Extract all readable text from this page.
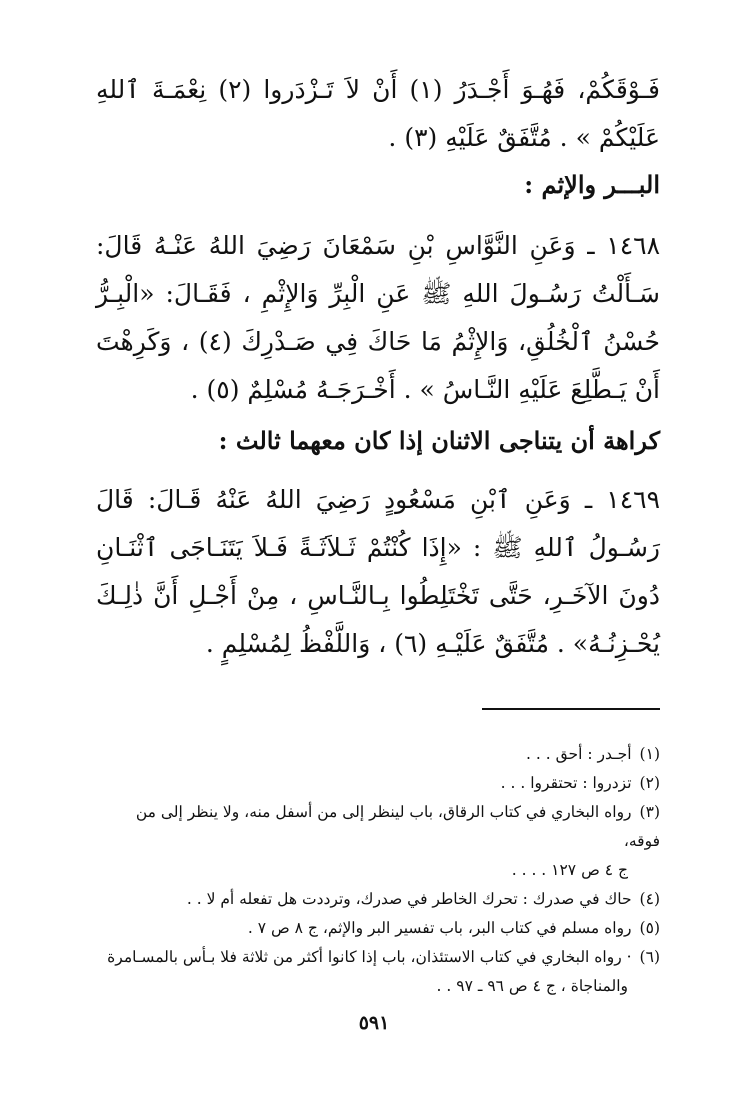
فَـوْقَكُمْ، فَهُـوَ أَجْـدَرُ (١) أَنْ لاَ تَـزْدَروا (٢) نِعْمَـةَ ٱللهِ عَلَيْكُمْ » . مُتَّفَقٌ عَلَيْهِ (٣) .

البـــر والإثم :

١٤٦٨ ـ وَعَنِ النَّوَّاسِ بْنِ سَمْعَانَ رَضِيَ اللهُ عَنْـهُ قَالَ: سَـأَلْتُ رَسُـولَ اللهِ ﷺ عَنِ الْبِرِّ وَالإِثْمِ ، فَقَـالَ: «الْبِـرُّ حُسْنُ ٱلْخُلُقِ، وَالإِثْمُ مَا حَاكَ فِي صَـدْرِكَ (٤) ، وَكَرِهْتَ أَنْ يَـطَّلِعَ عَلَيْهِ النَّـاسُ » . أَخْـرَجَـهُ مُسْلِمٌ (٥) .

كراهة أن يتناجى الاثنان إذا كان معهما ثالث :

١٤٦٩ ـ وَعَنِ ٱبْنِ مَسْعُودٍ رَضِيَ اللهُ عَنْهُ قَـالَ: قَالَ رَسُـولُ ٱللهِ ﷺ : «إِذَا كُنْتُمْ ثَـلاَثَـةً فَـلاَ يَتَنَـاجَى ٱثْنَـانِ دُونَ الآخَـرِ، حَتَّى تَخْتَلِطُوا بِـالنَّـاسِ ، مِنْ أَجْـلِ أَنَّ ذٰلِـكَ يُحْـزِنُـهُ» . مُتَّفَقٌ عَلَيْـهِ (٦) ، وَاللَّفْظُ لِمُسْلِمٍ .

(١)أجـدر : أحق . . .
(٢)تزدروا : تحتقروا . . .
(٣)رواه البخاري في كتاب الرقاق، باب لينظر إلى من أسفل منه، ولا ينظر إلى من فوقه،
ج ٤ ص ١٢٧ . . . .
(٤)حاك في صدرك : تحرك الخاطر في صدرك، وترددت هل تفعله أم لا . .
(٥)رواه مسلم في كتاب البر، باب تفسير البر والإثم، ج ٨ ص ٧ .
(٦)· رواه البخاري في كتاب الاستئذان، باب إذا كانوا أكثر من ثلاثة فلا بـأس بالمسـامرة
والمناجاة ، ج ٤ ص ٩٦ ـ ٩٧ . .
٥٩١
